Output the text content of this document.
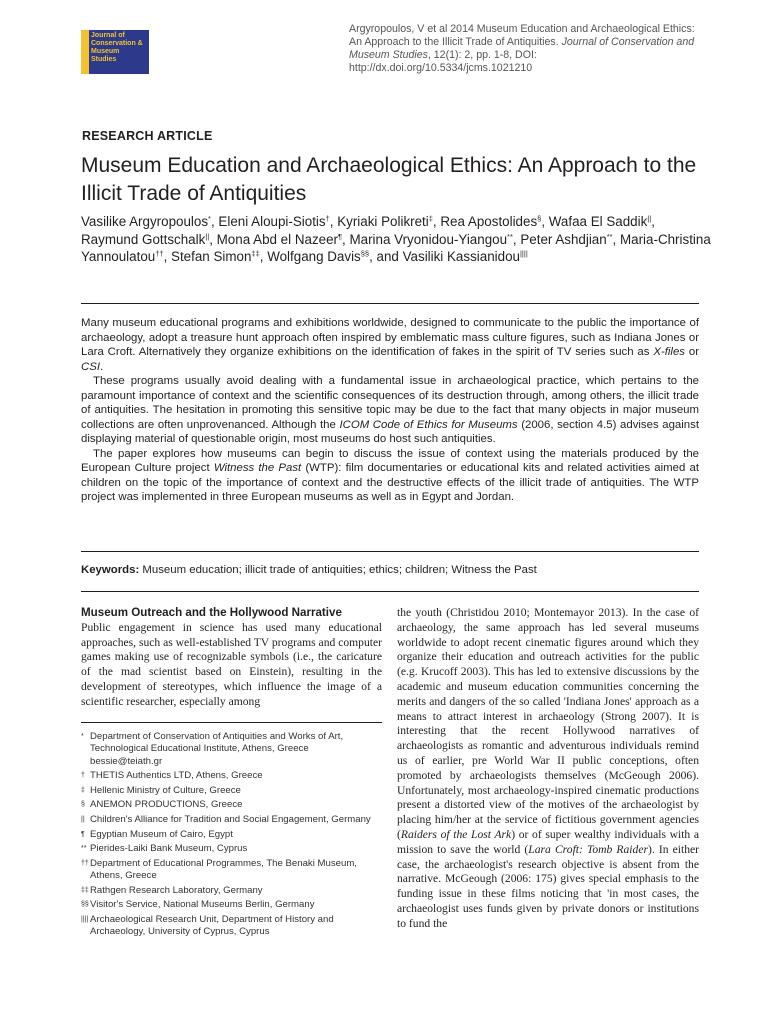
Journal of
Conservation &
Museum
Studies
Argyropoulos, V et al 2014 Museum Education and Archaeological Ethics: An Approach to the Illicit Trade of Antiquities. Journal of Conservation and Museum Studies, 12(1): 2, pp. 1-8, DOI: http://dx.doi.org/10.5334/jcms.1021210
RESEARCH ARTICLE
Museum Education and Archaeological Ethics: An Approach to the Illicit Trade of Antiquities
Vasilike Argyropoulos*, Eleni Aloupi-Siotis†, Kyriaki Polikreti‡, Rea Apostolides§, Wafaa El Saddik||, Raymund Gottschalk||, Mona Abd el Nazeer¶, Marina Vryonidou-Yiangou**, Peter Ashdjian**, Maria-Christina Yannoulatou††, Stefan Simon‡‡, Wolfgang Davis§§, and Vasiliki Kassianidou||||

Many museum educational programs and exhibitions worldwide, designed to communicate to the public the importance of archaeology, adopt a treasure hunt approach often inspired by emblematic mass culture figures, such as Indiana Jones or Lara Croft. Alternatively they organize exhibitions on the identification of fakes in the spirit of TV series such as X-files or CSI.

These programs usually avoid dealing with a fundamental issue in archaeological practice, which pertains to the paramount importance of context and the scientific consequences of its destruction through, among others, the illicit trade of antiquities. The hesitation in promoting this sensitive topic may be due to the fact that many objects in major museum collections are often unprovenanced. Although the ICOM Code of Ethics for Museums (2006, section 4.5) advises against displaying material of questionable origin, most museums do host such antiquities.

The paper explores how museums can begin to discuss the issue of context using the materials produced by the European Culture project Witness the Past (WTP): film documentaries or educational kits and related activities aimed at children on the topic of the importance of context and the destructive effects of the illicit trade of antiquities. The WTP project was implemented in three European museums as well as in Egypt and Jordan.

Keywords: Museum education; illicit trade of antiquities; ethics; children; Witness the Past
Museum Outreach and the Hollywood Narrative
Public engagement in science has used many educational approaches, such as well-established TV programs and computer games making use of recognizable symbols (i.e., the caricature of the mad scientist based on Einstein), resulting in the development of stereotypes, which influence the image of a scientific researcher, especially among
* Department of Conservation of Antiquities and Works of Art, Technological Educational Institute, Athens, Greece bessie@teiath.gr
† THETIS Authentics LTD, Athens, Greece
‡ Hellenic Ministry of Culture, Greece
§ ANEMON PRODUCTIONS, Greece
|| Children's Alliance for Tradition and Social Engagement, Germany
¶ Egyptian Museum of Cairo, Egypt
** Pierides-Laiki Bank Museum, Cyprus
†† Department of Educational Programmes, The Benaki Museum, Athens, Greece
‡‡ Rathgen Research Laboratory, Germany
§§ Visitor's Service, National Museums Berlin, Germany
|||| Archaeological Research Unit, Department of History and Archaeology, University of Cyprus, Cyprus
the youth (Christidou 2010; Montemayor 2013). In the case of archaeology, the same approach has led several museums worldwide to adopt recent cinematic figures around which they organize their education and outreach activities for the public (e.g. Krucoff 2003). This has led to extensive discussions by the academic and museum education communities concerning the merits and dangers of the so called 'Indiana Jones' approach as a means to attract interest in archaeology (Strong 2007). It is interesting that the recent Hollywood narratives of archaeologists as romantic and adventurous individuals remind us of earlier, pre World War II public conceptions, often promoted by archaeologists themselves (McGeough 2006). Unfortunately, most archaeology-inspired cinematic productions present a distorted view of the motives of the archaeologist by placing him/her at the service of fictitious government agencies (Raiders of the Lost Ark) or of super wealthy individuals with a mission to save the world (Lara Croft: Tomb Raider). In either case, the archaeologist's research objective is absent from the narrative. McGeough (2006: 175) gives special emphasis to the funding issue in these films noticing that 'in most cases, the archaeologist uses funds given by private donors or institutions to fund the
